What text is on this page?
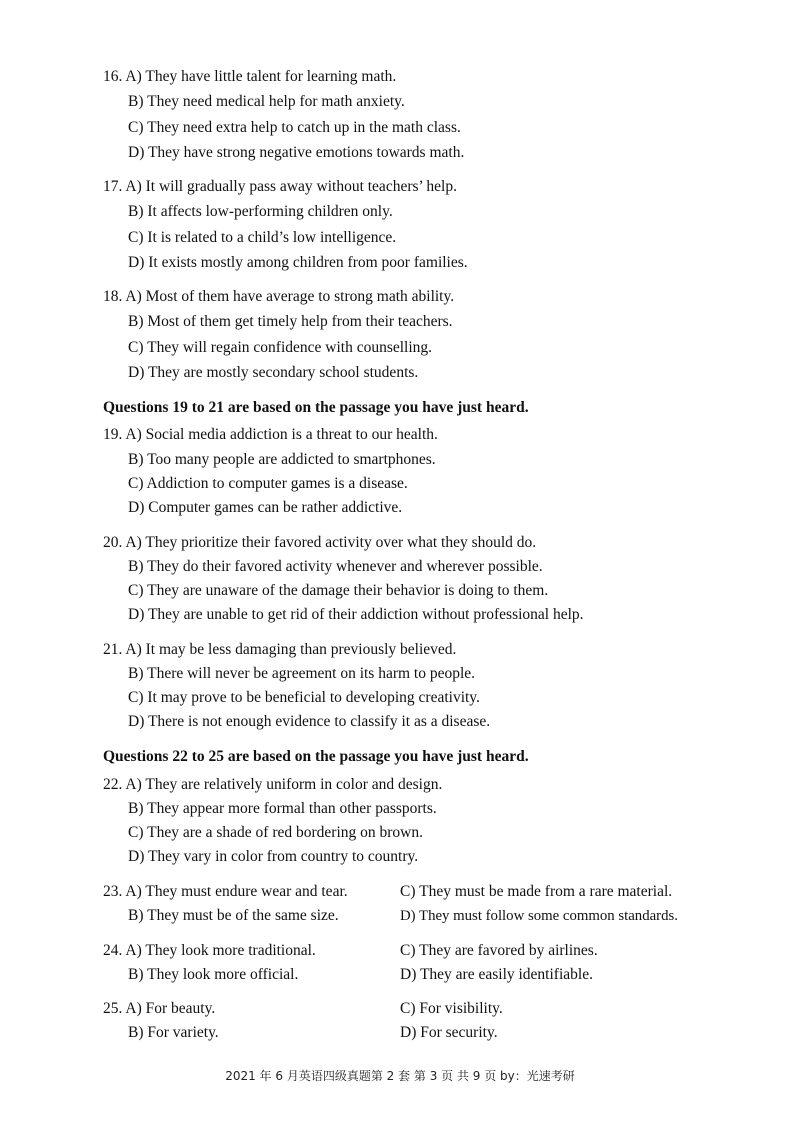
16. A) They have little talent for learning math.

B) They need medical help for math anxiety.

C) They need extra help to catch up in the math class.

D) They have strong negative emotions towards math.

17. A) It will gradually pass away without teachers’ help.

B) It affects low-performing children only.

C) It is related to a child’s low intelligence.

D) It exists mostly among children from poor families.

18. A) Most of them have average to strong math ability.

B) Most of them get timely help from their teachers.

C) They will regain confidence with counselling.

D) They are mostly secondary school students.

Questions 19 to 21 are based on the passage you have just heard.

19. A) Social media addiction is a threat to our health.

B) Too many people are addicted to smartphones.

C) Addiction to computer games is a disease.

D) Computer games can be rather addictive.

20. A) They prioritize their favored activity over what they should do.

B) They do their favored activity whenever and wherever possible.

C) They are unaware of the damage their behavior is doing to them.

D) They are unable to get rid of their addiction without professional help.

21. A) It may be less damaging than previously believed.

B) There will never be agreement on its harm to people.

C) It may prove to be beneficial to developing creativity.

D) There is not enough evidence to classify it as a disease.

Questions 22 to 25 are based on the passage you have just heard.

22. A) They are relatively uniform in color and design.

B) They appear more formal than other passports.

C) They are a shade of red bordering on brown.

D) They vary in color from country to country.

23. A) They must endure wear and tear.	C) They must be made from a rare material.

B) They must be of the same size.	D) They must follow some common standards.

24. A) They look more traditional.	C) They are favored by airlines.

B) They look more official.	D) They are easily identifiable.

25. A) For beauty.	C) For visibility.

B) For variety.	D) For security.

2021 年 6 月英语四级真题第 2 套 第 3 页 共 9 页 by：光速考研
